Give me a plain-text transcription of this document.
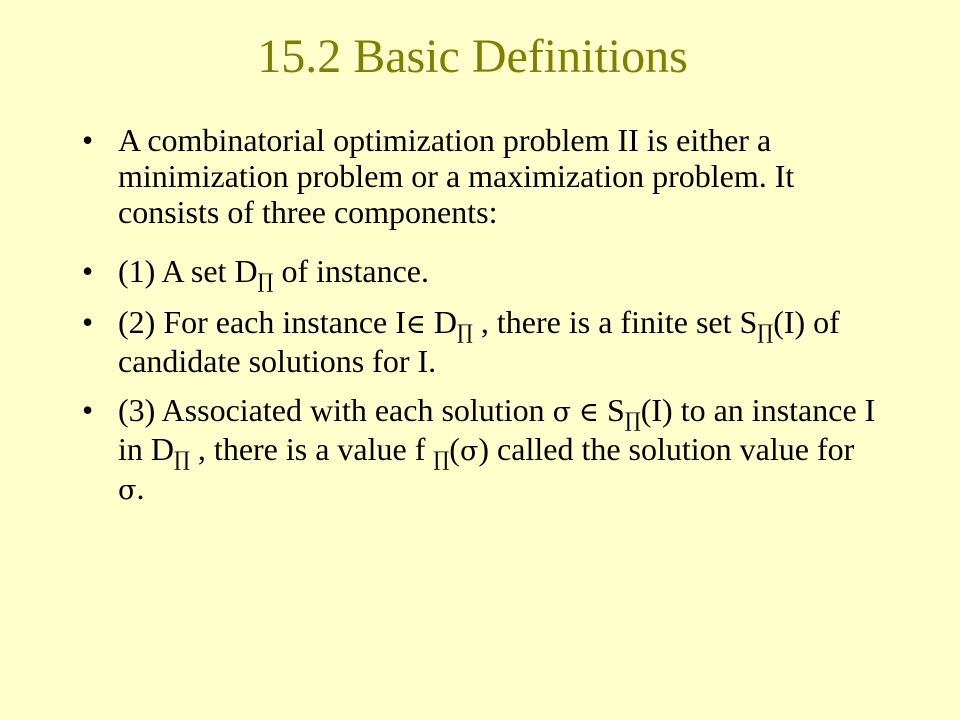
15.2 Basic Definitions
• A combinatorial optimization problem II is either a minimization problem or a maximization problem. It consists of three components:
• (1) A set D∏ of instance.
• (2) For each instance I∈ D∏ , there is a finite set S∏(I) of candidate solutions for I.
• (3) Associated with each solution σ ∈ S∏(I) to an instance I in D∏ , there is a value f ∏(σ) called the solution value for σ.
